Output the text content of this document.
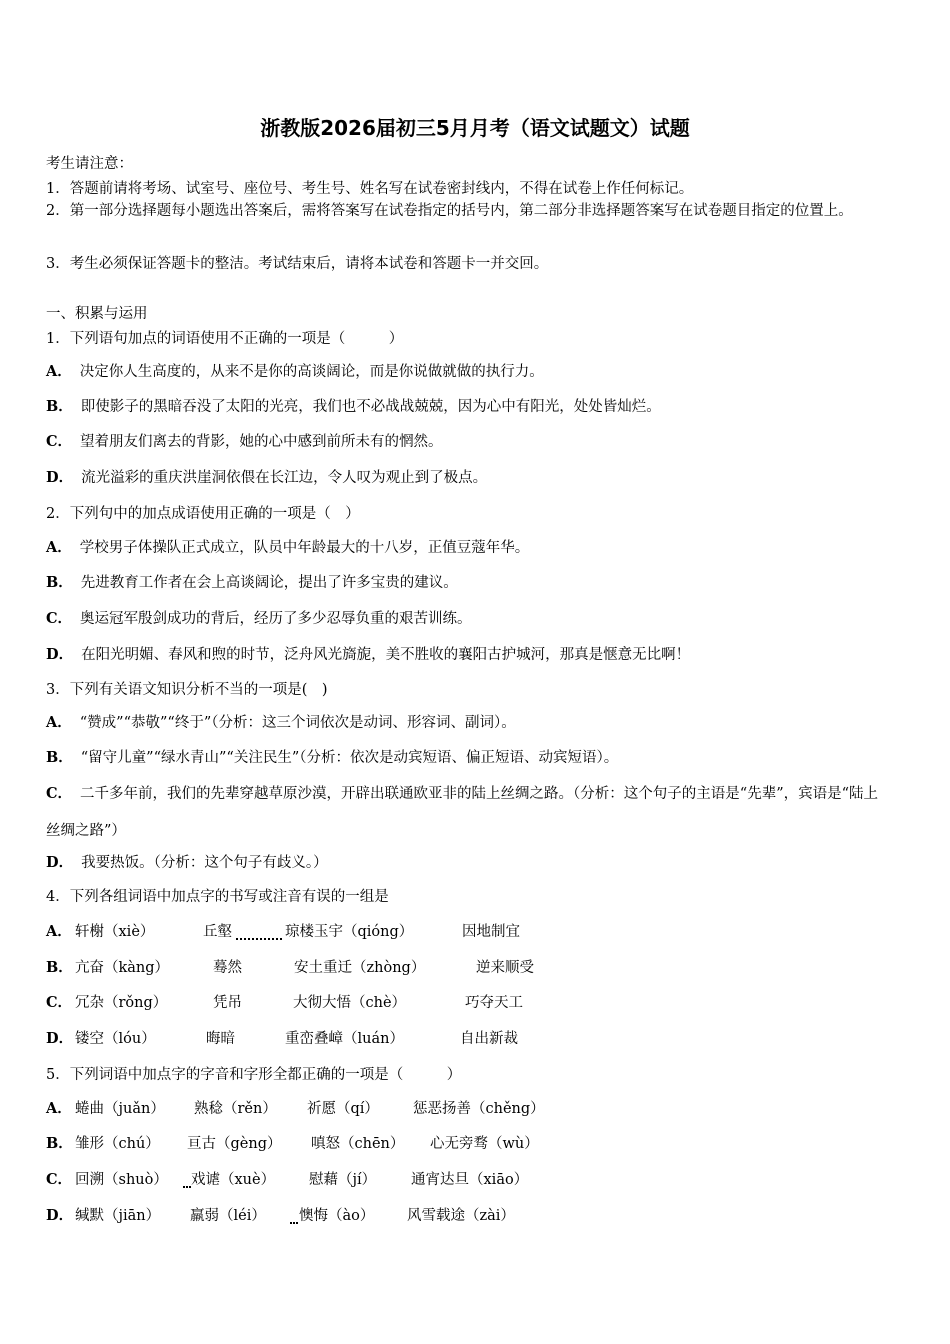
浙教版2026届初三5月月考（语文试题文）试题
考生请注意：
1．答题前请将考场、试室号、座位号、考生号、姓名写在试卷密封线内，不得在试卷上作任何标记。
2．第一部分选择题每小题选出答案后，需将答案写在试卷指定的括号内，第二部分非选择题答案写在试卷题目指定的位置上。
3．考生必须保证答题卡的整洁。考试结束后，请将本试卷和答题卡一并交回。
一、积累与运用
1．下列语句加点的词语使用不正确的一项是（　　　）
A． 决定你人生高度的，从来不是你的高谈阔论，而是你说做就做的执行力。
B． 即使影子的黑暗吞没了太阳的光亮，我们也不必战战兢兢，因为心中有阳光，处处皆灿烂。
C． 望着朋友们离去的背影，她的心中感到前所未有的惘然。
D． 流光溢彩的重庆洪崖洞依偎在长江边，令人叹为观止到了极点。
2．下列句中的加点成语使用正确的一项是（　）
A． 学校男子体操队正式成立，队员中年龄最大的十八岁，正值豆蔻年华。
B． 先进教育工作者在会上高谈阔论，提出了许多宝贵的建议。
C． 奥运冠军殷剑成功的背后，经历了多少忍辱负重的艰苦训练。
D． 在阳光明媚、春风和煦的时节，泛舟风光旖旎，美不胜收的襄阳古护城河，那真是惬意无比啊！
3．下列有关语文知识分析不当的一项是(　)
A． “赞成”“恭敬”“终于”（分析：这三个词依次是动词、形容词、副词）。
B． “留守儿童”“绿水青山”“关注民生”（分析：依次是动宾短语、偏正短语、动宾短语）。
C． 二千多年前，我们的先辈穿越草原沙漠，开辟出联通欧亚非的陆上丝绸之路。（分析：这个句子的主语是“先辈”，宾语是“陆上丝绸之路”）
D． 我要热饭。（分析：这个句子有歧义。）
4．下列各组词语中加点字的书写或注音有误的一组是
A． 轩榭（xiè）	丘壑	琼楼玉宇（qióng）	因地制宜
B． 亢奋（kàng）	蓦然	安土重迁（zhòng）	逆来顺受
C． 冗杂（rǒng）	凭吊	大彻大悟（chè）	巧夺天工
D． 镂空（lóu）	晦暗	重峦叠嶂（luán）	自出新裁
5．下列词语中加点字的字音和字形全都正确的一项是（　　　）
A． 蜷曲（juǎn） 熟稔（rěn） 祈愿（qí） 惩恶扬善（chěng）
B． 雏形（chú） 亘古（gèng） 嗔怒（chēn） 心无旁骛（wù）
C． 回溯（shuò） 戏谑（xuè） 慰藉（jí） 通宵达旦（xiāo）
D． 缄默（jiān） 羸弱（léi） 懊悔（ào） 风雪载途（zài）
